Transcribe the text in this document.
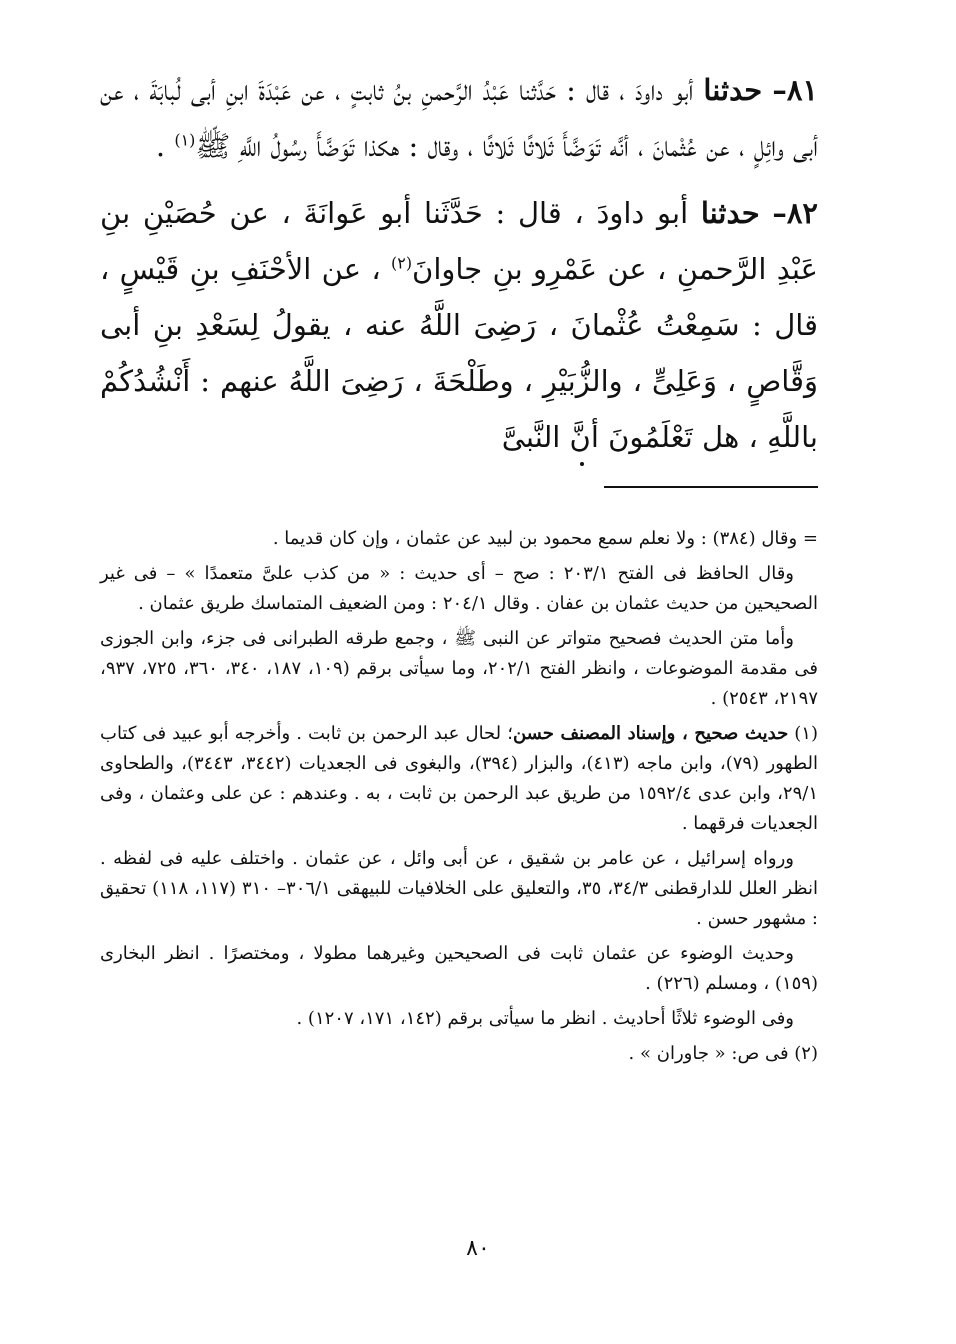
٨١– حدثنا أبو داودَ ، قال : حَدَّثنا عَبْدُ الرَّحمنِ بنُ ثابتٍ ، عن عَبْدَةَ ابنِ أبى لُبابَةَ ، عن أبى وائِلٍ ، عن عُثْمانَ ، أنَّه تَوَضَّأَ ثَلاثًا ثَلاثًا ، وقال : هكذا تَوَضَّأَ رسُولُ اللَّهِ ﷺ$^{(١)}$ .

٨٢– حدثنا أبو داودَ ، قال : حَدَّثَنا أبو عَوانَةَ ، عن حُصَيْنِ بنِ عَبْدِ الرَّحمنِ ، عن عَمْرِو بنِ جاوانَ$^{(٢)}$ ، عن الأحْنَفِ بنِ قَيْسٍ ، قال : سَمِعْتُ عُثْمانَ ، رَضِىَ اللَّهُ عنه ، يقولُ لِسَعْدِ بنِ أبى وَقَّاصٍ ، وَعَلِىٍّ ، والزُّبَيْرِ ، وطَلْحَةَ ، رَضِىَ اللَّهُ عنهم : أَنْشُدُكُمْ باللَّهِ ، هل تَعْلَمُونَ أنَّ النَّبىَّ

= وقال (٣٨٤) : ولا نعلم سمع محمود بن لبيد عن عثمان ، وإن كان قديما .

وقال الحافظ فى الفتح ٢٠٣/١ : صح – أى حديث : « من كذب علىَّ متعمدًا » – فى غير الصحيحين من حديث عثمان بن عفان . وقال ٢٠٤/١ : ومن الضعيف المتماسك طريق عثمان .

وأما متن الحديث فصحيح متواتر عن النبى ﷺ ، وجمع طرقه الطبرانى فى جزء، وابن الجوزى فى مقدمة الموضوعات ، وانظر الفتح ٢٠٢/١، وما سيأتى برقم (١٠٩، ١٨٧، ٣٤٠، ٣٦٠، ٧٢٥، ٩٣٧، ٢١٩٧، ٢٥٤٣) .

(١) حديث صحيح ، وإسناد المصنف حسن؛ لحال عبد الرحمن بن ثابت . وأخرجه أبو عبيد فى كتاب الطهور (٧٩)، وابن ماجه (٤١٣)، والبزار (٣٩٤)، والبغوى فى الجعديات (٣٤٤٢، ٣٤٤٣)، والطحاوى ٢٩/١، وابن عدى ١٥٩٢/٤ من طريق عبد الرحمن بن ثابت ، به . وعندهم : عن على وعثمان ، وفى الجعديات فرقهما .

ورواه إسرائيل ، عن عامر بن شقيق ، عن أبى وائل ، عن عثمان . واختلف عليه فى لفظه . انظر العلل للدارقطنى ٣٤/٣، ٣٥، والتعليق على الخلافيات للبيهقى ٣٠٦/١– ٣١٠ (١١٧، ١١٨) تحقيق : مشهور حسن .

وحديث الوضوء عن عثمان ثابت فى الصحيحين وغيرهما مطولا ، ومختصرًا . انظر البخارى (١٥٩) ، ومسلم (٢٢٦) .

وفى الوضوء ثلاثًا أحاديث . انظر ما سيأتى برقم (١٤٢، ١٧١، ١٢٠٧) .

(٢) فى ص: « جاوران » .

٨٠
